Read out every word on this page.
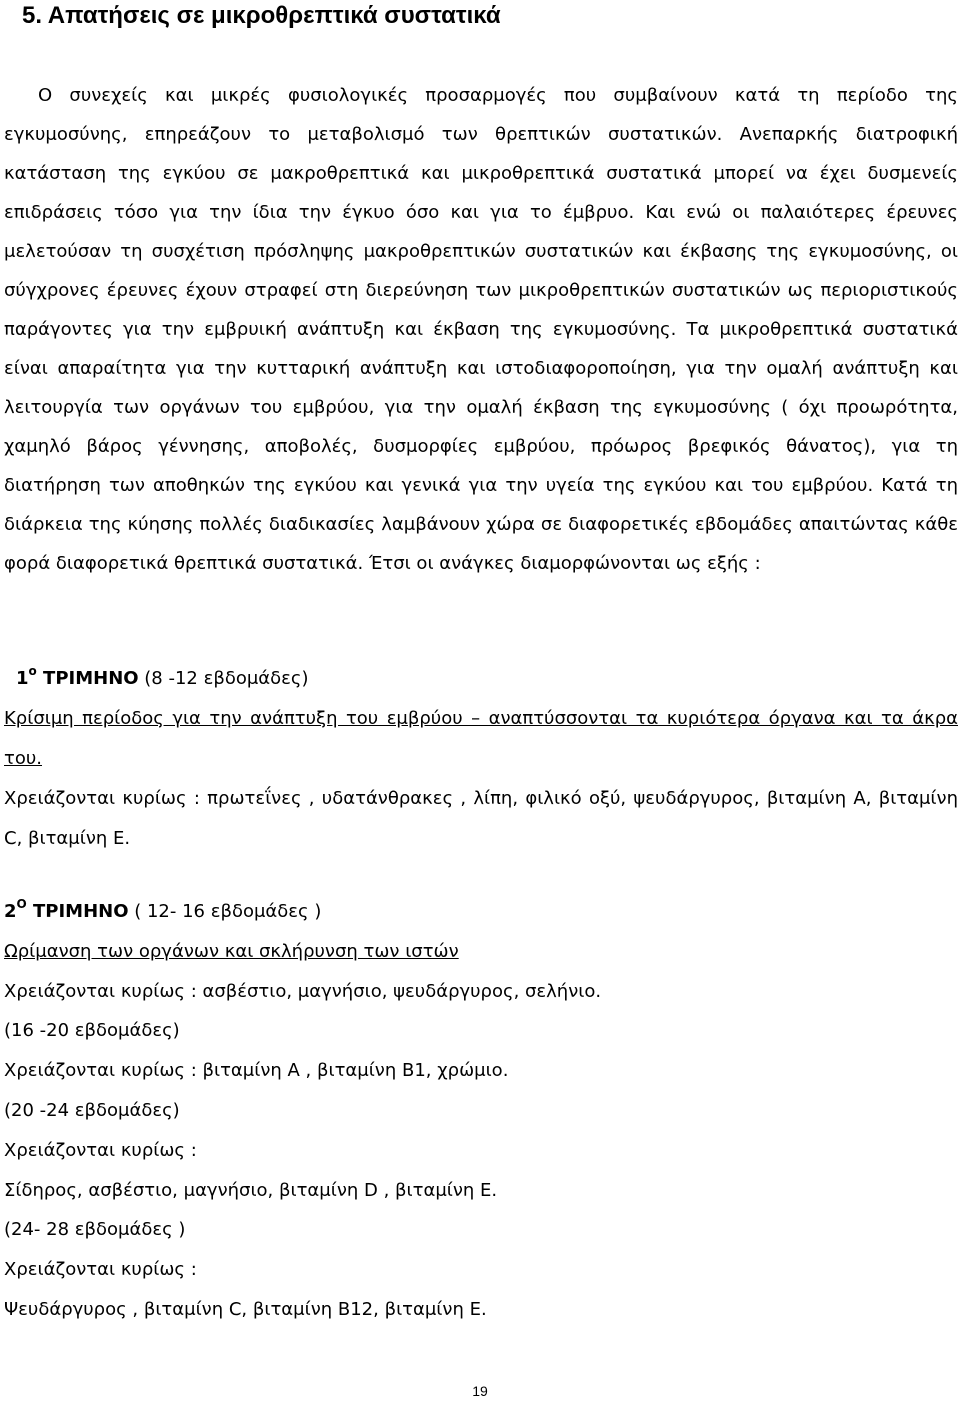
5. Απατήσεις σε μικροθρεπτικά συστατικά

Ο συνεχείς και μικρές φυσιολογικές προσαρμογές που συμβαίνουν κατά τη περίοδο της εγκυμοσύνης, επηρεάζουν το μεταβολισμό των θρεπτικών συστατικών. Ανεπαρκής διατροφική κατάσταση της εγκύου σε μακροθρεπτικά και μικροθρεπτικά συστατικά μπορεί να έχει δυσμενείς επιδράσεις τόσο για την ίδια την έγκυο όσο και για το έμβρυο. Και ενώ οι παλαιότερες έρευνες μελετούσαν τη συσχέτιση πρόσληψης μακροθρεπτικών συστατικών και έκβασης της εγκυμοσύνης, οι σύγχρονες έρευνες έχουν στραφεί στη διερεύνηση των μικροθρεπτικών συστατικών ως περιοριστικούς παράγοντες για την εμβρυική ανάπτυξη και έκβαση της εγκυμοσύνης. Τα μικροθρεπτικά συστατικά είναι απαραίτητα για την κυτταρική ανάπτυξη και ιστοδιαφοροποίηση, για την ομαλή ανάπτυξη και λειτουργία των οργάνων του εμβρύου, για την ομαλή έκβαση της εγκυμοσύνης ( όχι προωρότητα, χαμηλό βάρος γέννησης, αποβολές, δυσμορφίες εμβρύου, πρόωρος βρεφικός θάνατος), για τη διατήρηση των αποθηκών της εγκύου και γενικά για την υγεία της εγκύου και του εμβρύου. Κατά τη διάρκεια της κύησης πολλές διαδικασίες λαμβάνουν χώρα σε διαφορετικές εβδομάδες απαιτώντας κάθε φορά διαφορετικά θρεπτικά συστατικά. Έτσι οι ανάγκες διαμορφώνονται ως εξής :

$1^o$ ΤΡΙΜΗΝΟ (8 -12 εβδομάδες)

Κρίσιμη περίοδος για την ανάπτυξη του εμβρύου – αναπτύσσονται τα κυριότερα όργανα και τα άκρα του.

Χρειάζονται κυρίως : πρωτεΐνες , υδατάνθρακες , λίπη, φιλικό οξύ, ψευδάργυρος, βιταμίνη A, βιταμίνη C, βιταμίνη E.

$2^O$ ΤΡΙΜΗΝΟ ( 12- 16 εβδομάδες )

Ωρίμανση των οργάνων και σκλήρυνση των ιστών

Χρειάζονται κυρίως : ασβέστιο, μαγνήσιο, ψευδάργυρος, σελήνιο.

(16 -20 εβδομάδες)

Χρειάζονται κυρίως : βιταμίνη Α , βιταμίνη Β1, χρώμιο.

(20 -24 εβδομάδες)

Χρειάζονται κυρίως :

Σίδηρος, ασβέστιο, μαγνήσιο, βιταμίνη D , βιταμίνη Ε.

(24- 28 εβδομάδες )

Χρειάζονται κυρίως :

Ψευδάργυρος , βιταμίνη C, βιταμίνη Β12, βιταμίνη Ε.

19
